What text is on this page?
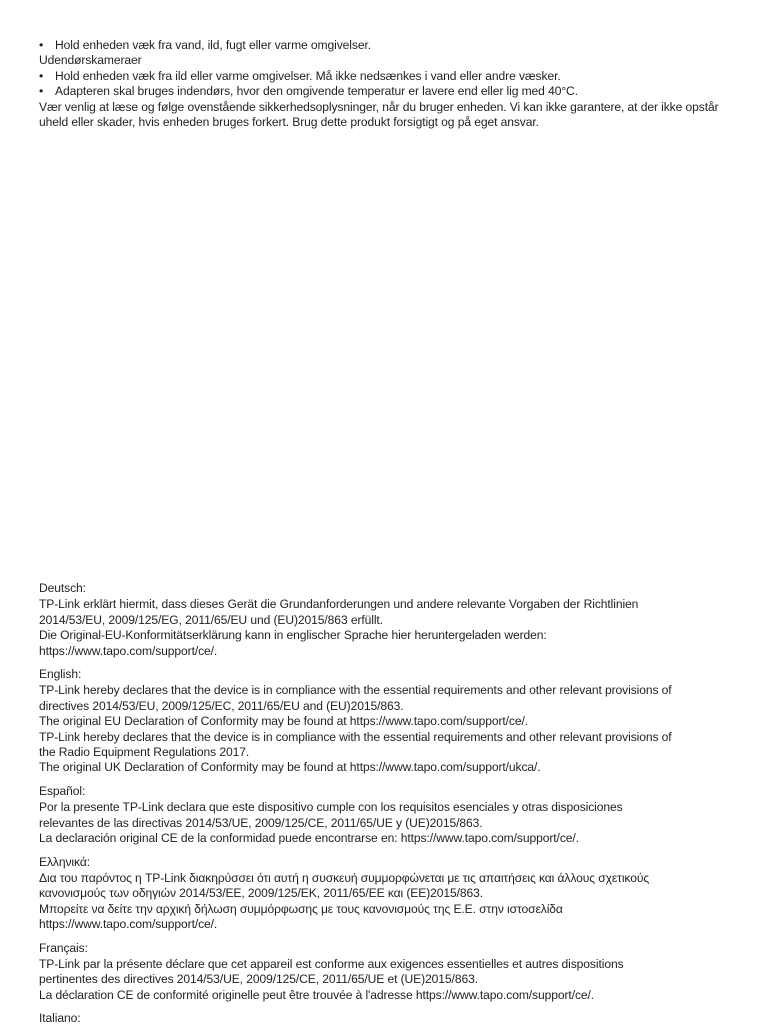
• Hold enheden væk fra vand, ild, fugt eller varme omgivelser.
Udendørskameraer
• Hold enheden væk fra ild eller varme omgivelser. Må ikke nedsænkes i vand eller andre væsker.
• Adapteren skal bruges indendørs, hvor den omgivende temperatur er lavere end eller lig med 40°C.
Vær venlig at læse og følge ovenstående sikkerhedsoplysninger, når du bruger enheden. Vi kan ikke garantere, at der ikke opstår uheld eller skader, hvis enheden bruges forkert. Brug dette produkt forsigtigt og på eget ansvar.
Deutsch:
TP-Link erklärt hiermit, dass dieses Gerät die Grundanforderungen und andere relevante Vorgaben der Richtlinien
2014/53/EU, 2009/125/EG, 2011/65/EU und (EU)2015/863 erfüllt.
Die Original-EU-Konformitätserklärung kann in englischer Sprache hier heruntergeladen werden:
https://www.tapo.com/support/ce/.
English:
TP-Link hereby declares that the device is in compliance with the essential requirements and other relevant provisions of
directives 2014/53/EU, 2009/125/EC, 2011/65/EU and (EU)2015/863.
The original EU Declaration of Conformity may be found at https://www.tapo.com/support/ce/.
TP-Link hereby declares that the device is in compliance with the essential requirements and other relevant provisions of
the Radio Equipment Regulations 2017.
The original UK Declaration of Conformity may be found at https://www.tapo.com/support/ukca/.
Español:
Por la presente TP-Link declara que este dispositivo cumple con los requisitos esenciales y otras disposiciones
relevantes de las directivas 2014/53/UE, 2009/125/CE, 2011/65/UE y (UE)2015/863.
La declaración original CE de la conformidad puede encontrarse en: https://www.tapo.com/support/ce/.
Ελληνικά:
Δια του παρόντος η TP-Link διακηρύσσει ότι αυτή η συσκευή συμμορφώνεται με τις απαιτήσεις και άλλους σχετικούς
κανονισμούς των οδηγιών 2014/53/ΕΕ, 2009/125/ΕΚ, 2011/65/ΕΕ και (ΕΕ)2015/863.
Μπορείτε να δείτε την αρχική δήλωση συμμόρφωσης με τους κανονισμούς της Ε.Ε. στην ιστοσελίδα
https://www.tapo.com/support/ce/.
Français:
TP-Link par la présente déclare que cet appareil est conforme aux exigences essentielles et autres dispositions
pertinentes des directives 2014/53/UE, 2009/125/CE, 2011/65/UE et (UE)2015/863.
La déclaration CE de conformité originelle peut être trouvée à l'adresse https://www.tapo.com/support/ce/.
Italiano:
